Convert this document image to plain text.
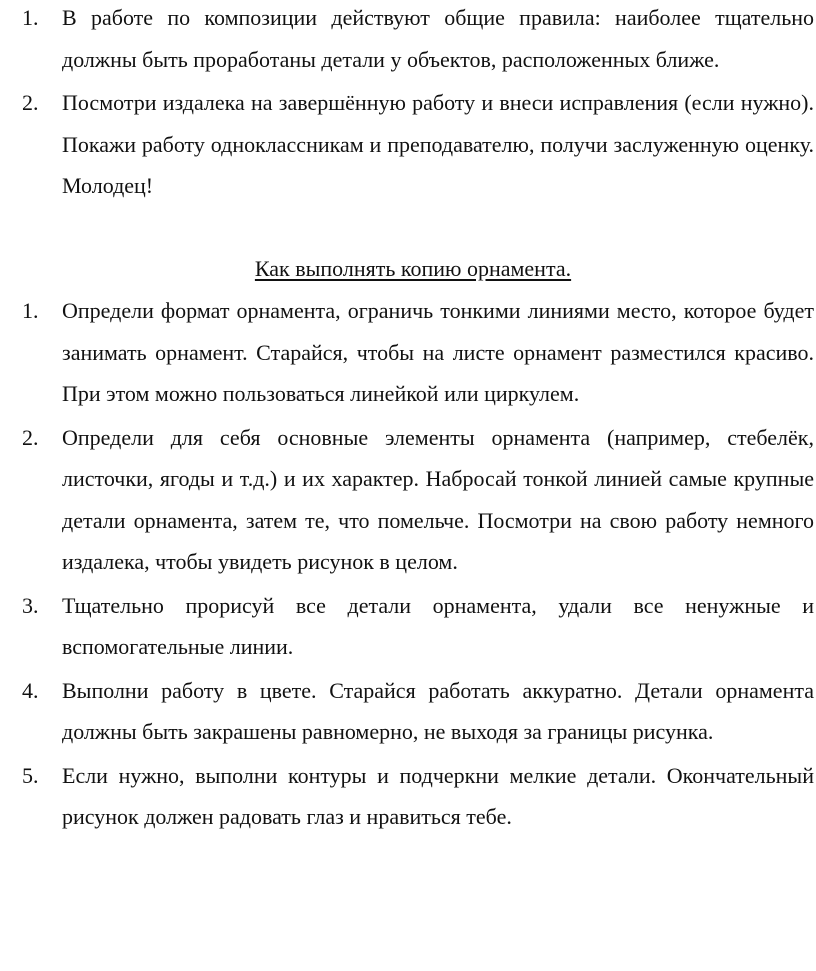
1. В работе по композиции действуют общие правила: наиболее тщательно должны быть проработаны детали у объектов, расположенных ближе.
2. Посмотри издалека на завершённую работу и внеси исправления (если нужно). Покажи работу одноклассникам и преподавателю, получи заслуженную оценку. Молодец!
Как выполнять копию орнамента.
1. Определи формат орнамента, ограничь тонкими линиями место, которое будет занимать орнамент. Старайся, чтобы на листе орнамент разместился красиво. При этом можно пользоваться линейкой или циркулем.
2. Определи для себя основные элементы орнамента (например, стебелёк, листочки, ягоды и т.д.) и их характер. Набросай тонкой линией самые крупные детали орнамента, затем те, что помельче. Посмотри на свою работу немного издалека, чтобы увидеть рисунок в целом.
3. Тщательно прорисуй все детали орнамента, удали все ненужные и вспомогательные линии.
4. Выполни работу в цвете. Старайся работать аккуратно. Детали орнамента должны быть закрашены равномерно, не выходя за границы рисунка.
5. Если нужно, выполни контуры и подчеркни мелкие детали. Окончательный рисунок должен радовать глаз и нравиться тебе.
